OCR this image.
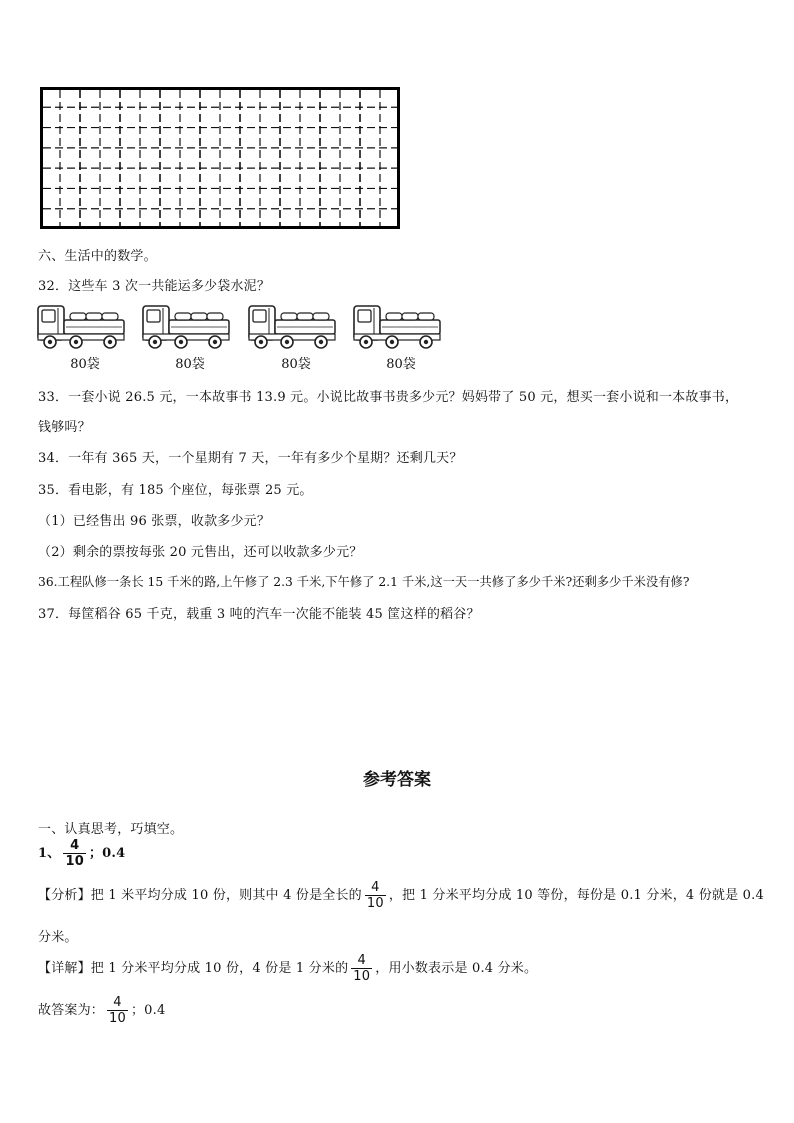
六、生活中的数学。
32．这些车 3 次一共能运多少袋水泥？
80袋	80袋	80袋	80袋
33．一套小说 26.5 元，一本故事书 13.9 元。小说比故事书贵多少元？妈妈带了 50 元，想买一套小说和一本故事书，
钱够吗？
34．一年有 365 天，一个星期有 7 天，一年有多少个星期？还剩几天？
35．看电影，有 185 个座位，每张票 25 元。
（1）已经售出 96 张票，收款多少元？
（2）剩余的票按每张 20 元售出，还可以收款多少元？
36.工程队修一条长 15 千米的路,上午修了 2.3 千米,下午修了 2.1 千米,这一天一共修了多少千米?还剩多少千米没有修?
37．每筐稻谷 65 千克，载重 3 吨的汽车一次能不能装 45 筐这样的稻谷？
参考答案
一、认真思考，巧填空。
1、 $\frac{4}{10}$ ；0.4
【分析】把 1 米平均分成 10 份，则其中 4 份是全长的 $\frac{4}{10}$ ，把 1 分米平均分成 10 等份，每份是 0.1 分米，4 份就是 0.4
分米。
【详解】把 1 分米平均分成 10 份，4 份是 1 分米的 $\frac{4}{10}$ ，用小数表示是 0.4 分米。
故答案为： $\frac{4}{10}$ ；0.4
